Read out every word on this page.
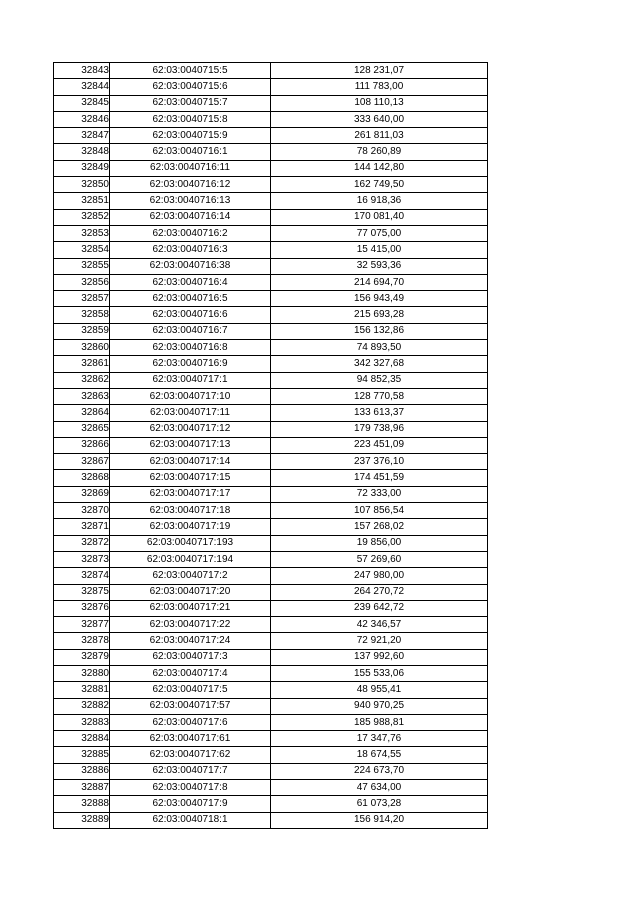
32843	62:03:0040715:5	128 231,07
32844	62:03:0040715:6	111 783,00
32845	62:03:0040715:7	108 110,13
32846	62:03:0040715:8	333 640,00
32847	62:03:0040715:9	261 811,03
32848	62:03:0040716:1	78 260,89
32849	62:03:0040716:11	144 142,80
32850	62:03:0040716:12	162 749,50
32851	62:03:0040716:13	16 918,36
32852	62:03:0040716:14	170 081,40
32853	62:03:0040716:2	77 075,00
32854	62:03:0040716:3	15 415,00
32855	62:03:0040716:38	32 593,36
32856	62:03:0040716:4	214 694,70
32857	62:03:0040716:5	156 943,49
32858	62:03:0040716:6	215 693,28
32859	62:03:0040716:7	156 132,86
32860	62:03:0040716:8	74 893,50
32861	62:03:0040716:9	342 327,68
32862	62:03:0040717:1	94 852,35
32863	62:03:0040717:10	128 770,58
32864	62:03:0040717:11	133 613,37
32865	62:03:0040717:12	179 738,96
32866	62:03:0040717:13	223 451,09
32867	62:03:0040717:14	237 376,10
32868	62:03:0040717:15	174 451,59
32869	62:03:0040717:17	72 333,00
32870	62:03:0040717:18	107 856,54
32871	62:03:0040717:19	157 268,02
32872	62:03:0040717:193	19 856,00
32873	62:03:0040717:194	57 269,60
32874	62:03:0040717:2	247 980,00
32875	62:03:0040717:20	264 270,72
32876	62:03:0040717:21	239 642,72
32877	62:03:0040717:22	42 346,57
32878	62:03:0040717:24	72 921,20
32879	62:03:0040717:3	137 992,60
32880	62:03:0040717:4	155 533,06
32881	62:03:0040717:5	48 955,41
32882	62:03:0040717:57	940 970,25
32883	62:03:0040717:6	185 988,81
32884	62:03:0040717:61	17 347,76
32885	62:03:0040717:62	18 674,55
32886	62:03:0040717:7	224 673,70
32887	62:03:0040717:8	47 634,00
32888	62:03:0040717:9	61 073,28
32889	62:03:0040718:1	156 914,20
